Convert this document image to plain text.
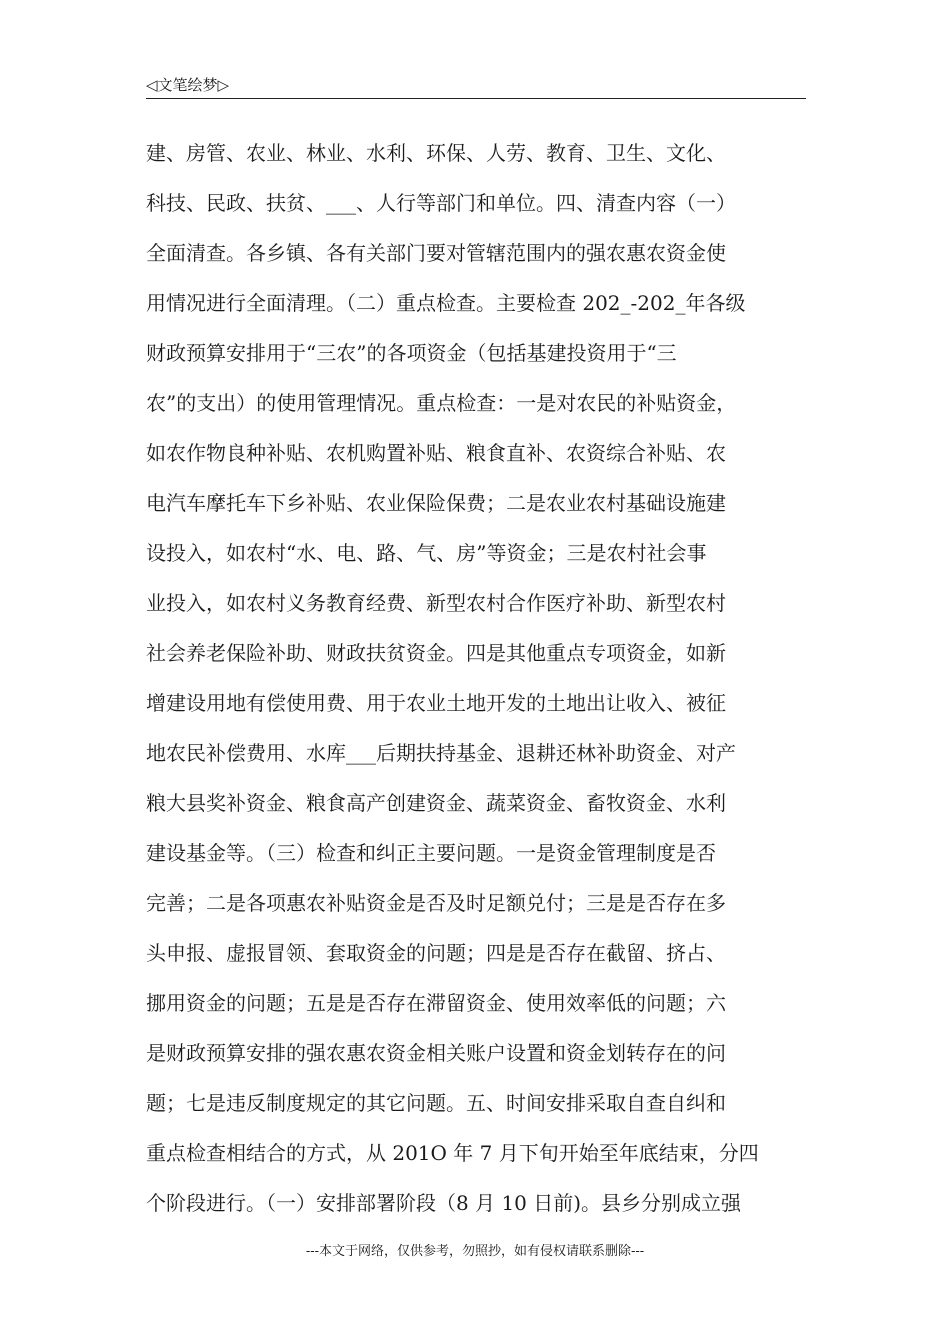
◁文笔绘梦▷
建、房管、农业、林业、水利、环保、人劳、教育、卫生、文化、
科技、民政、扶贫、___、人行等部门和单位。四、清查内容（一）
全面清查。各乡镇、各有关部门要对管辖范围内的强农惠农资金使
用情况进行全面清理。（二）重点检查。主要检查 202_-202_年各级
财政预算安排用于“三农”的各项资金（包括基建投资用于“三
农”的支出）的使用管理情况。重点检查：一是对农民的补贴资金，
如农作物良种补贴、农机购置补贴、粮食直补、农资综合补贴、农
电汽车摩托车下乡补贴、农业保险保费；二是农业农村基础设施建
设投入，如农村“水、电、路、气、房”等资金；三是农村社会事
业投入，如农村义务教育经费、新型农村合作医疗补助、新型农村
社会养老保险补助、财政扶贫资金。四是其他重点专项资金，如新
增建设用地有偿使用费、用于农业土地开发的土地出让收入、被征
地农民补偿费用、水库___后期扶持基金、退耕还林补助资金、对产
粮大县奖补资金、粮食高产创建资金、蔬菜资金、畜牧资金、水利
建设基金等。（三）检查和纠正主要问题。一是资金管理制度是否
完善；二是各项惠农补贴资金是否及时足额兑付；三是是否存在多
头申报、虚报冒领、套取资金的问题；四是是否存在截留、挤占、
挪用资金的问题；五是是否存在滞留资金、使用效率低的问题；六
是财政预算安排的强农惠农资金相关账户设置和资金划转存在的问
题；七是违反制度规定的其它问题。五、时间安排采取自查自纠和
重点检查相结合的方式，从 201O 年 7 月下旬开始至年底结束，分四
个阶段进行。（一）安排部署阶段（8 月 10 日前)。县乡分别成立强
---本文于网络，仅供参考，勿照抄，如有侵权请联系删除---
